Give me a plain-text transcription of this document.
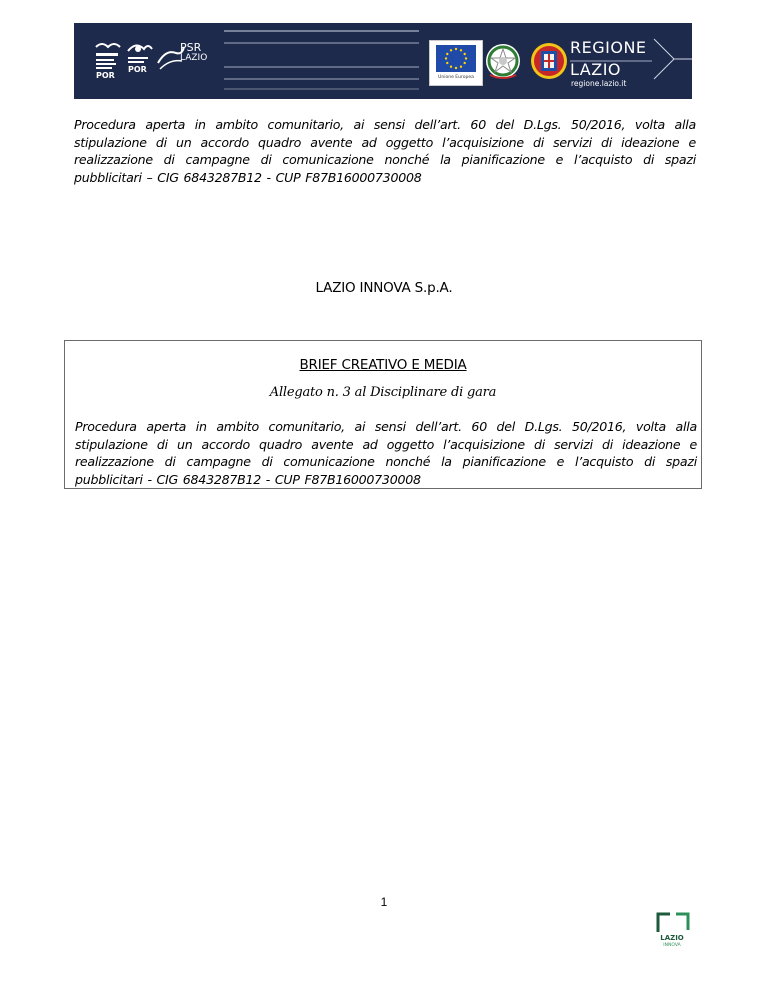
POR
POR
PSR
LAZIO
Unione Europea
REGIONE
LAZIO
regione.lazio.it

Procedura aperta in ambito comunitario, ai sensi dell’art. 60 del D.Lgs. 50/2016, volta alla
stipulazione di un accordo quadro avente ad oggetto l’acquisizione di servizi di ideazione e
realizzazione di campagne di comunicazione nonché la pianificazione e l’acquisto di spazi
pubblicitari – CIG 6843287B12 - CUP F87B16000730008

LAZIO INNOVA S.p.A.
BRIEF CREATIVO E MEDIA
Allegato n. 3 al Disciplinare di gara

Procedura aperta in ambito comunitario, ai sensi dell’art. 60 del D.Lgs. 50/2016, volta alla
stipulazione di un accordo quadro avente ad oggetto l’acquisizione di servizi di ideazione e
realizzazione di campagne di comunicazione nonché la pianificazione e l’acquisto di spazi
pubblicitari - CIG 6843287B12 - CUP F87B16000730008

1
LAZIO
INNOVA
